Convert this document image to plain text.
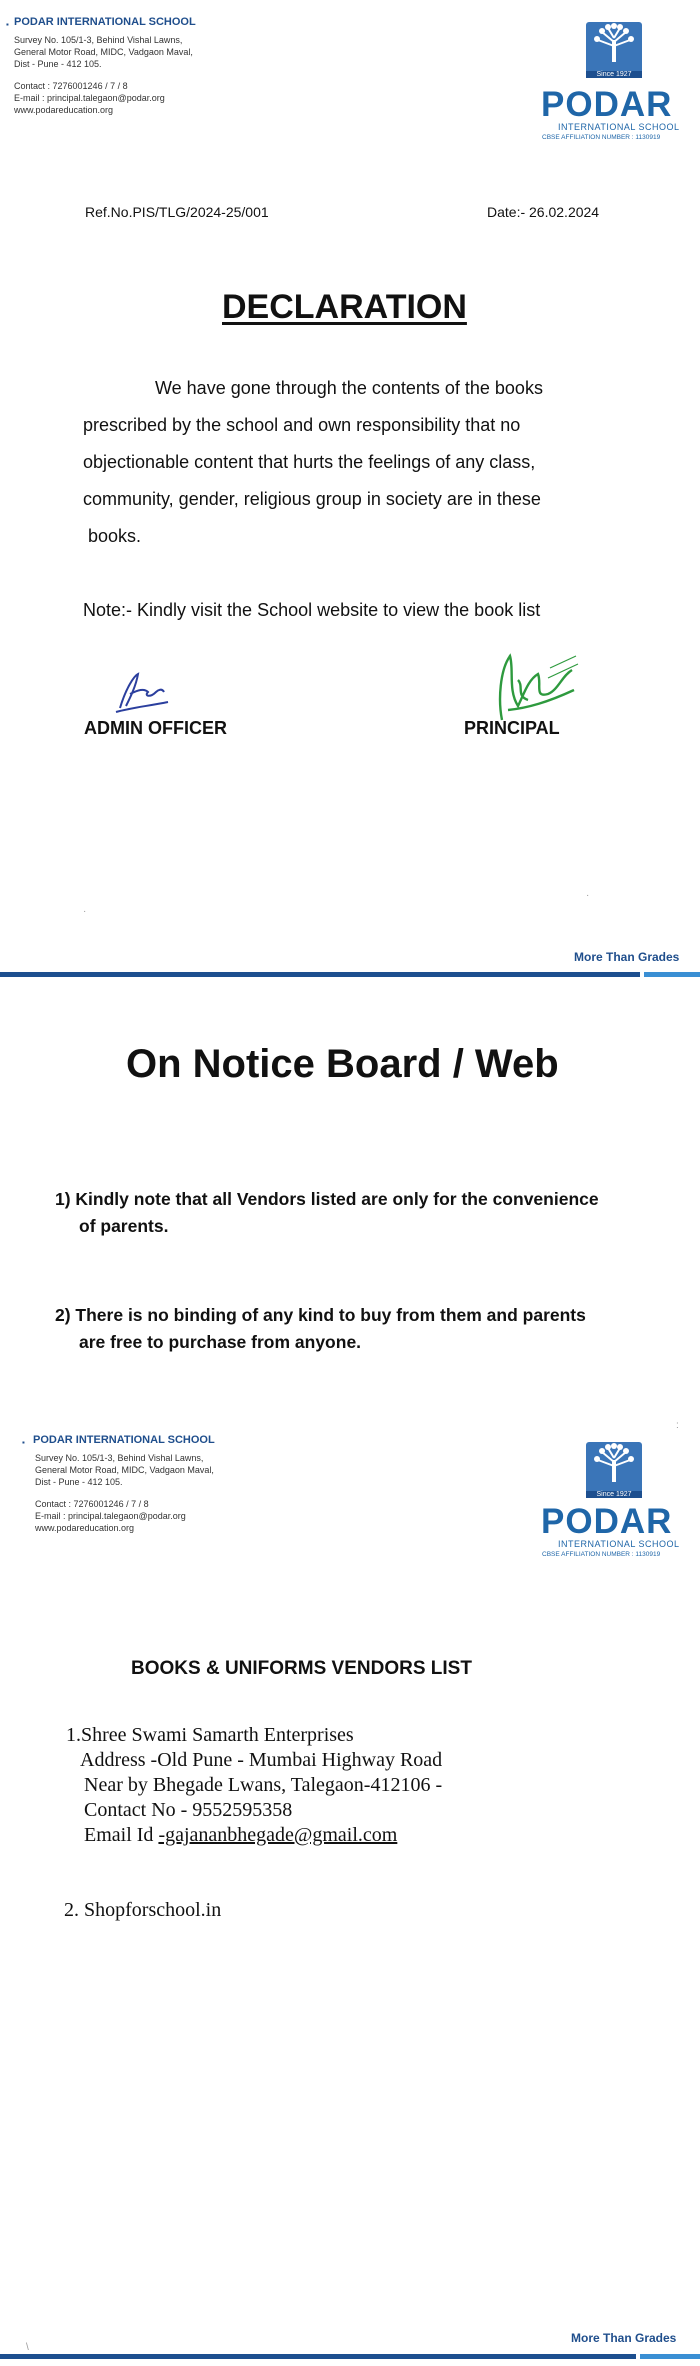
▪ PODAR INTERNATIONAL SCHOOL
Survey No. 105/1-3, Behind Vishal Lawns,
General Motor Road, MIDC, Vadgaon Maval,
Dist - Pune - 412 105.
Contact : 7276001246 / 7 / 8
E-mail : principal.talegaon@podar.org
www.podareducation.org
Since 1927
PODAR
INTERNATIONAL SCHOOL
CBSE AFFILIATION NUMBER : 1130919
Ref.No.PIS/TLG/2024-25/001	Date:- 26.02.2024
DECLARATION
We have gone through the contents of the books
prescribed by the school and own responsibility that no
objectionable content that hurts the feelings of any class,
community, gender, religious group in society are in these
books.
Note:- Kindly visit the School website to view the book list
ADMIN OFFICER	PRINCIPAL
·
·
More Than Grades
On Notice Board / Web
1) Kindly note that all Vendors listed are only for the convenience
of parents.
2) There is no binding of any kind to buy from them and parents
are free to purchase from anyone.
▪ PODAR INTERNATIONAL SCHOOL
Survey No. 105/1-3, Behind Vishal Lawns,
General Motor Road, MIDC, Vadgaon Maval,
Dist - Pune - 412 105.
Contact : 7276001246 / 7 / 8
E-mail : principal.talegaon@podar.org
www.podareducation.org
Since 1927
PODAR
INTERNATIONAL SCHOOL
CBSE AFFILIATION NUMBER : 1130919
:
BOOKS & UNIFORMS VENDORS LIST
1.Shree Swami Samarth Enterprises
Address -Old Pune - Mumbai Highway Road
Near by Bhegade Lwans, Talegaon-412106 -
Contact No - 9552595358
Email Id -gajananbhegade@gmail.com
2. Shopforschool.in
More Than Grades
\
